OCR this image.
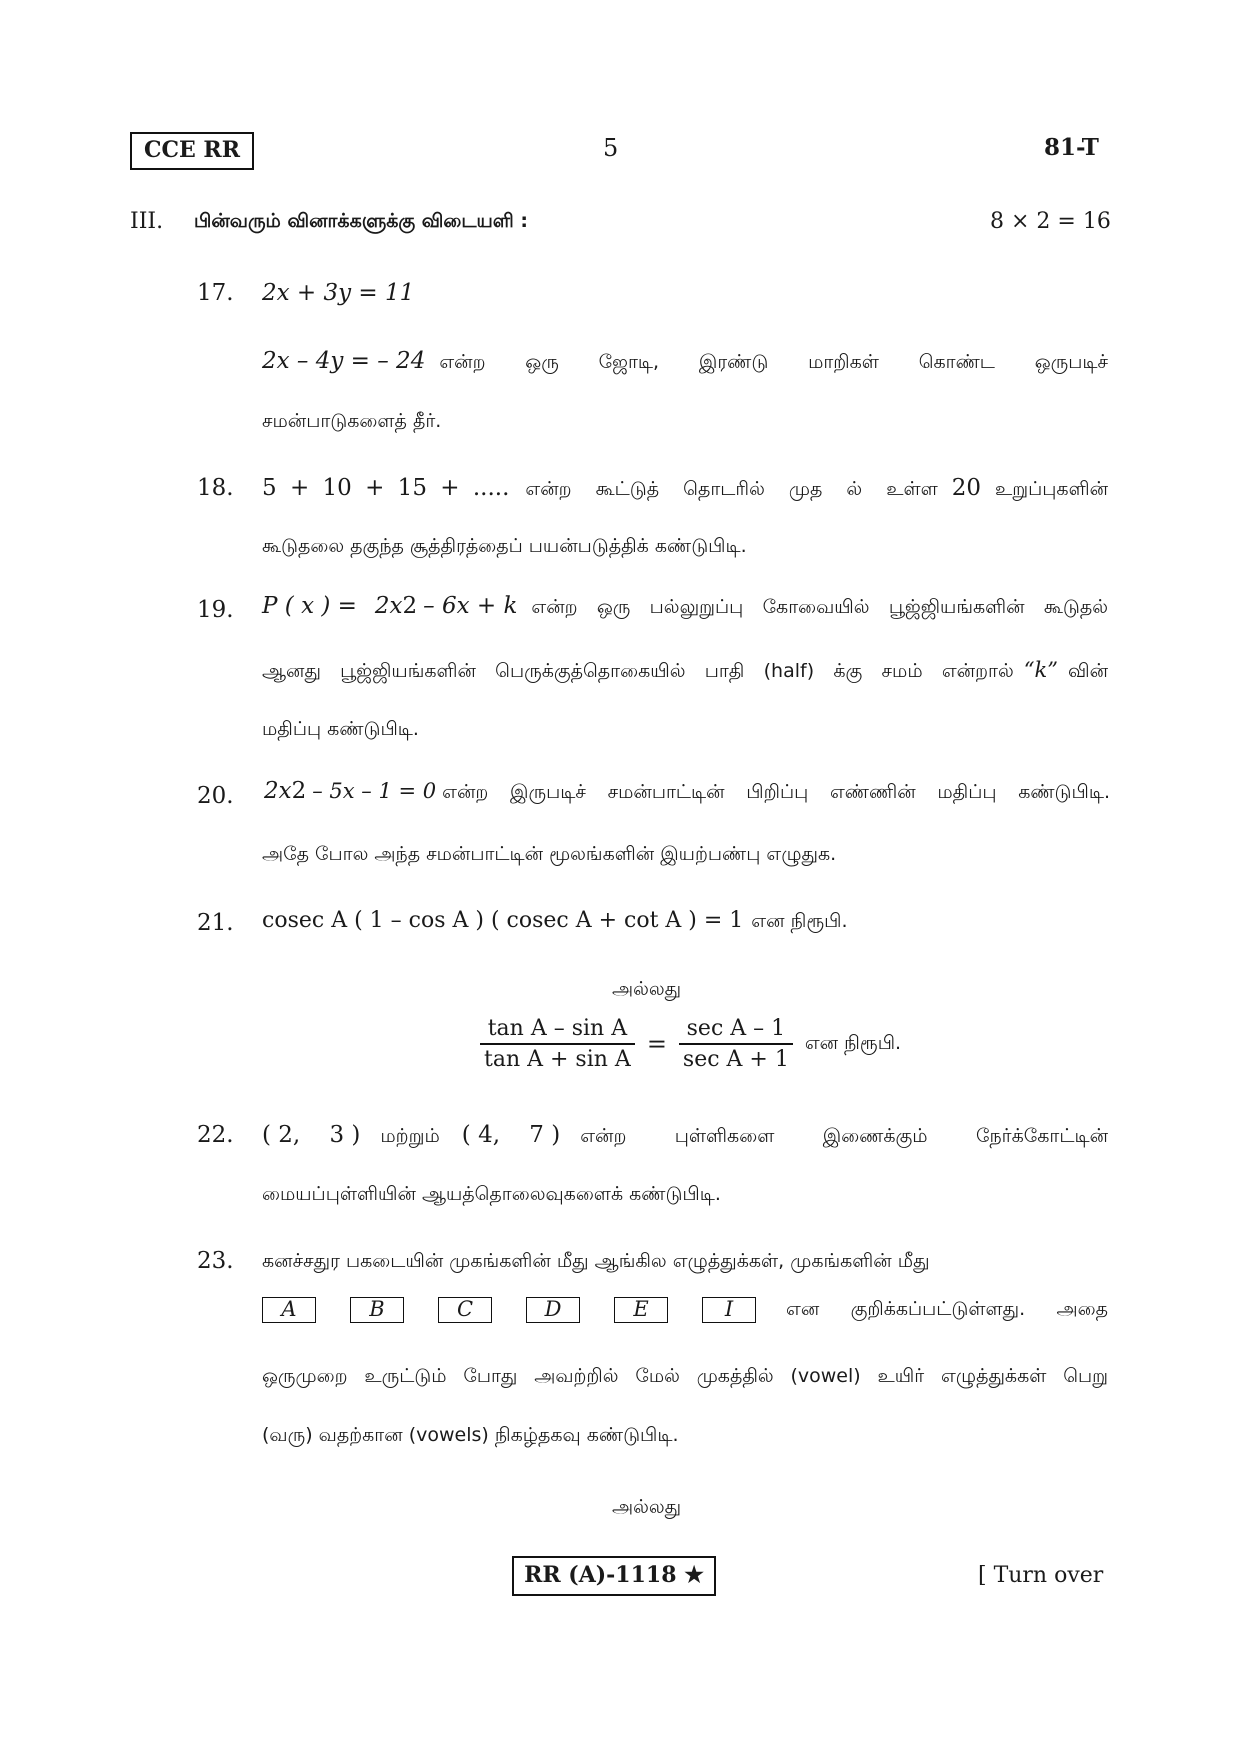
CCE RR	5	81-T
III. பின்வரும் வினாக்களுக்கு விடையளி :	8 × 2 = 16
17. 2x + 3y = 11
2x – 4y = – 24 என்ற ஒரு ஜோடி, இரண்டு மாறிகள் கொண்ட ஒருபடிச்
சமன்பாடுகளைத் தீர்.
18. 5 + 10 + 15 + ..... என்ற கூட்டுத் தொடரில் முத ல் உள்ள 20 உறுப்புகளின்
கூடுதலை தகுந்த சூத்திரத்தைப் பயன்படுத்திக் கண்டுபிடி.
19. P ( x ) = 2x 2 – 6x + k என்ற ஒரு பல்லுறுப்பு கோவையில் பூஜ்ஜியங்களின் கூடுதல்
ஆனது பூஜ்ஜியங்களின் பெருக்குத்தொகையில் பாதி (half) க்கு சமம் என்றால் “k” வின்
மதிப்பு கண்டுபிடி.
20. 2x 2 – 5x – 1 = 0 என்ற இருபடிச் சமன்பாட்டின் பிறிப்பு எண்ணின் மதிப்பு கண்டுபிடி.
அதே போல அந்த சமன்பாட்டின் மூலங்களின் இயற்பண்பு எழுதுக.
21. cosec A ( 1 – cos A ) ( cosec A + cot A ) = 1 என நிரூபி.
அல்லது
$\frac{\text{tan A – sin A}}{\text{tan A + sin A}} = \frac{\text{sec A – 1}}{\text{sec A + 1}}$ என நிரூபி.
22. ( 2,    3 ) மற்றும் ( 4,    7 ) என்ற புள்ளிகளை இணைக்கும் நேர்க்கோட்டின்
மையப்புள்ளியின் ஆயத்தொலைவுகளைக் கண்டுபிடி.
23. கனச்சதுர பகடையின் முகங்களின் மீது ஆங்கில எழுத்துக்கள், முகங்களின் மீது
A	B	C	D	E	I	என குறிக்கப்பட்டுள்ளது. அதை
ஒருமுறை உருட்டும் போது அவற்றில் மேல் முகத்தில் (vowel) உயிர் எழுத்துக்கள் பெறு
(வரு) வதற்கான (vowels) நிகழ்தகவு கண்டுபிடி.
அல்லது
RR (A)-1118 ★	[ Turn over
